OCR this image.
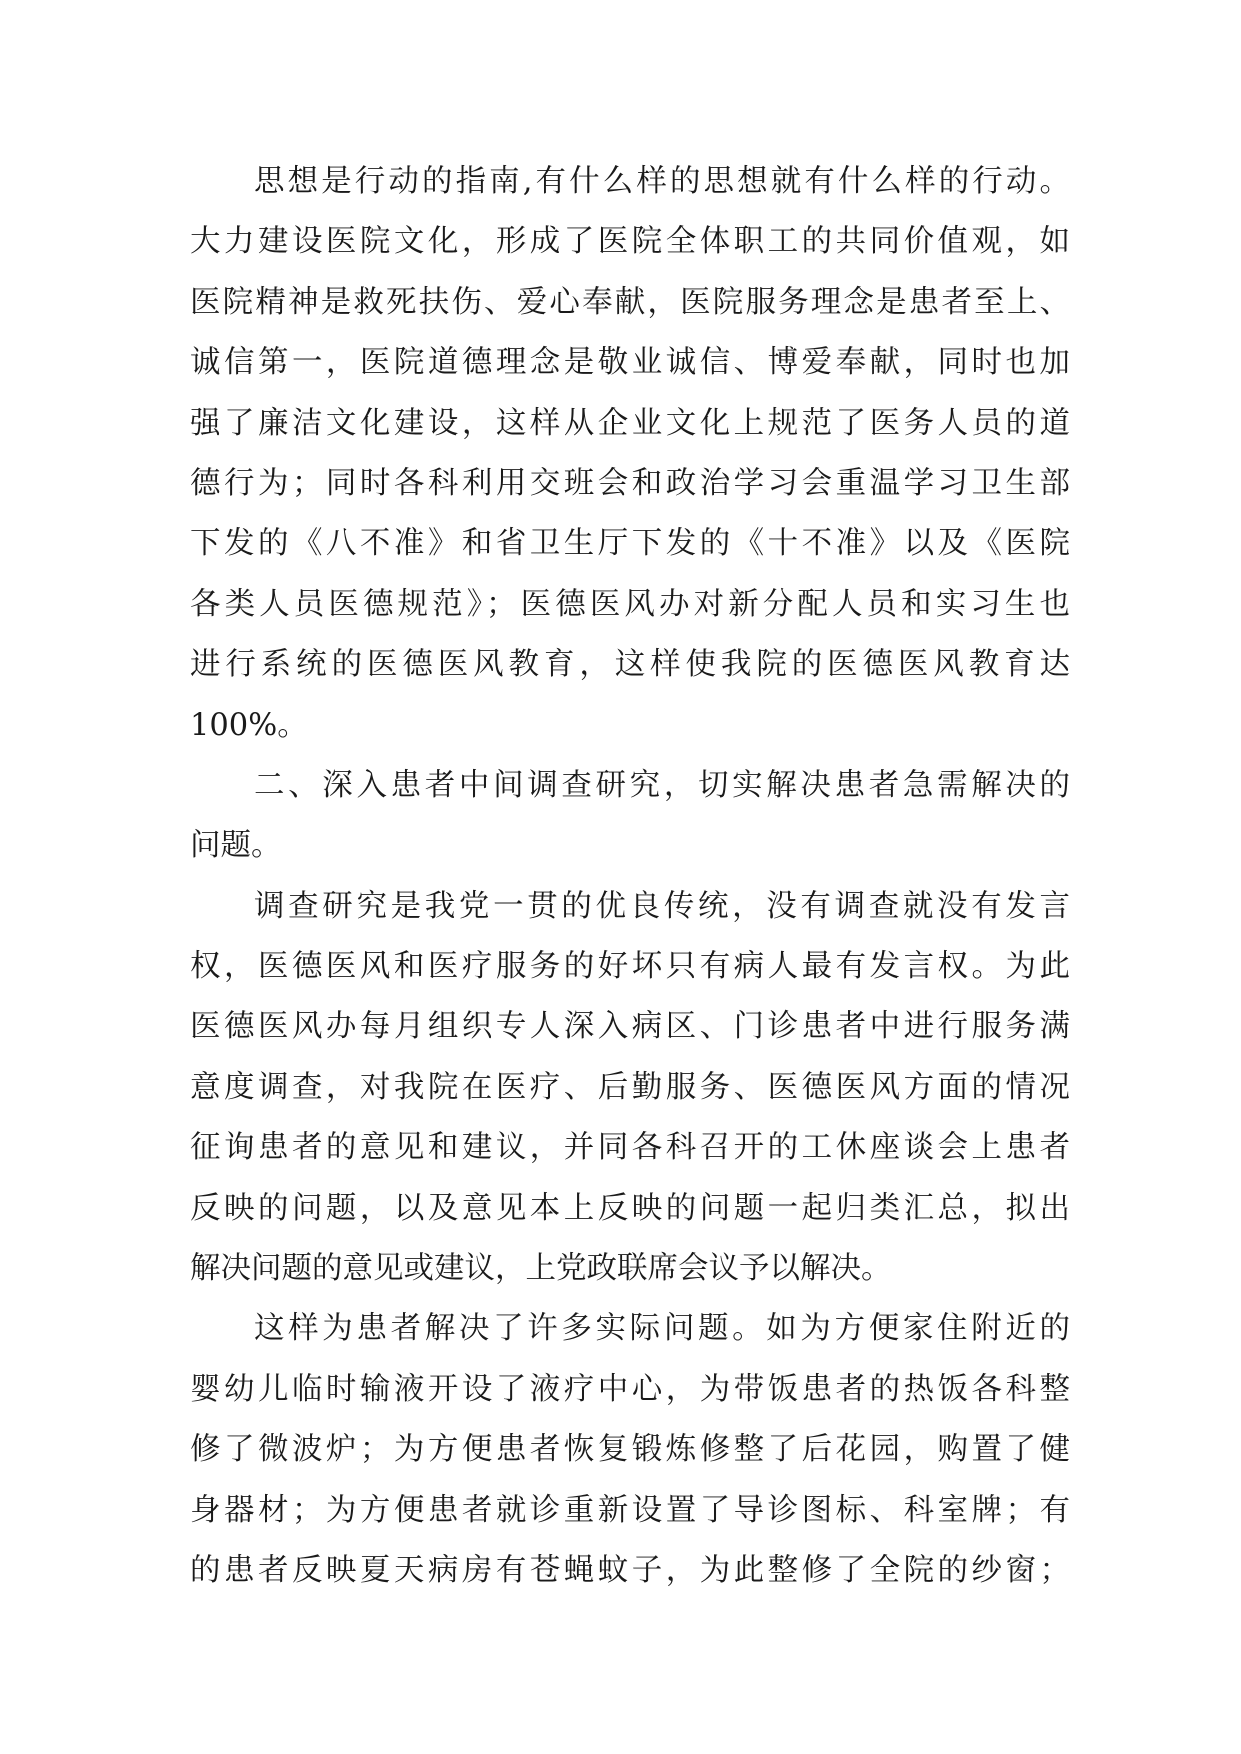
思想是行动的指南,有什么样的思想就有什么样的行动。
大力建设医院文化，形成了医院全体职工的共同价值观，如
医院精神是救死扶伤、爱心奉献，医院服务理念是患者至上、
诚信第一，医院道德理念是敬业诚信、博爱奉献，同时也加
强了廉洁文化建设，这样从企业文化上规范了医务人员的道
德行为；同时各科利用交班会和政治学习会重温学习卫生部
下发的《八不准》和省卫生厅下发的《十不准》以及《医院
各类人员医德规范》；医德医风办对新分配人员和实习生也
进行系统的医德医风教育，这样使我院的医德医风教育达
100%。
二、深入患者中间调查研究，切实解决患者急需解决的
问题。
调查研究是我党一贯的优良传统，没有调查就没有发言
权，医德医风和医疗服务的好坏只有病人最有发言权。为此
医德医风办每月组织专人深入病区、门诊患者中进行服务满
意度调查，对我院在医疗、后勤服务、医德医风方面的情况
征询患者的意见和建议，并同各科召开的工休座谈会上患者
反映的问题，以及意见本上反映的问题一起归类汇总，拟出
解决问题的意见或建议，上党政联席会议予以解决。
这样为患者解决了许多实际问题。如为方便家住附近的
婴幼儿临时输液开设了液疗中心，为带饭患者的热饭各科整
修了微波炉；为方便患者恢复锻炼修整了后花园，购置了健
身器材；为方便患者就诊重新设置了导诊图标、科室牌；有
的患者反映夏天病房有苍蝇蚊子，为此整修了全院的纱窗；
